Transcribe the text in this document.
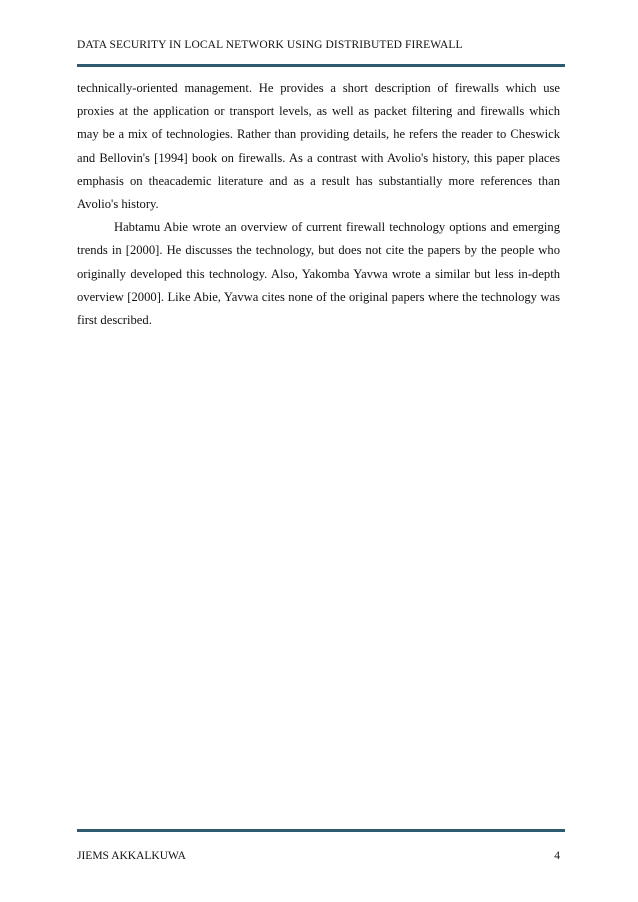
DATA SECURITY IN LOCAL NETWORK USING DISTRIBUTED FIREWALL

technically-oriented management. He provides a short description of firewalls which use proxies at the application or transport levels, as well as packet filtering and firewalls which may be a mix of technologies. Rather than providing details, he refers the reader to Cheswick and Bellovin's [1994] book on firewalls. As a contrast with Avolio's history, this paper places emphasis on theacademic literature and as a result has substantially more references than Avolio's history.

Habtamu Abie wrote an overview of current firewall technology options and emerging trends in [2000]. He discusses the technology, but does not cite the papers by the people who originally developed this technology. Also, Yakomba Yavwa wrote a similar but less in-depth overview [2000]. Like Abie, Yavwa cites none of the original papers where the technology was first described.

JIEMS AKKALKUWA	4
